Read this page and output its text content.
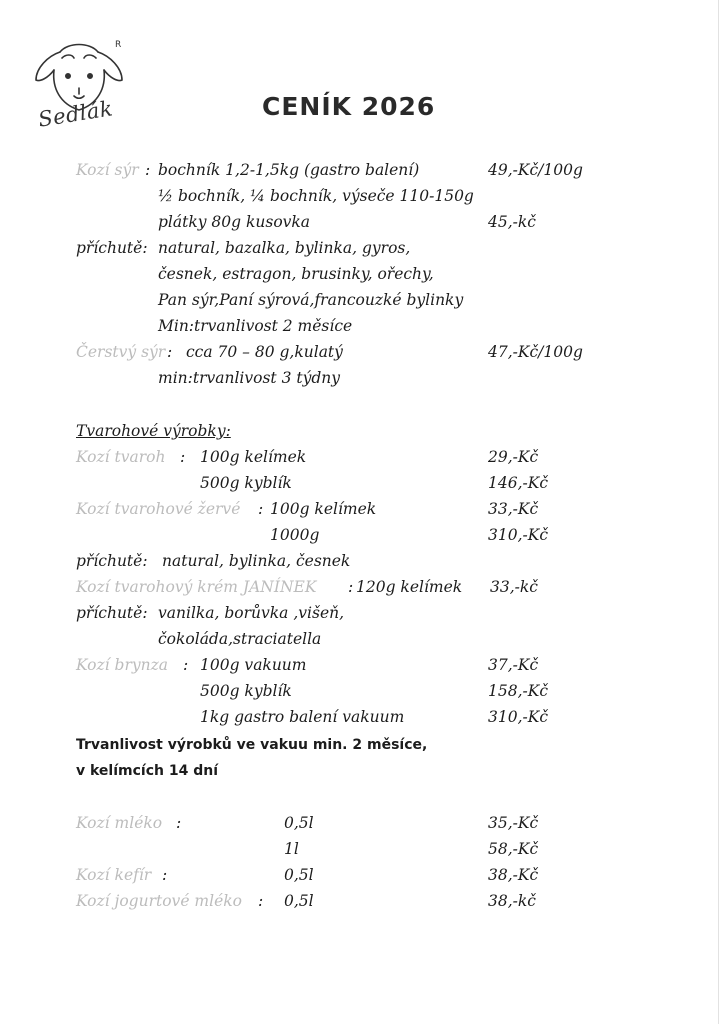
Sedlák
R
CENÍK 2026
Kozí sýr : bochník 1,2-1,5kg (gastro balení)	49,-Kč/100g
½ bochník, ¼ bochník, výseče 110-150g
plátky 80g kusovka	45,-kč
příchutě: natural, bazalka, bylinka, gyros,
česnek, estragon, brusinky, ořechy,
Pan sýr,Paní sýrová,francouzké bylinky
Min:trvanlivost 2 měsíce
Čerstvý sýr : cca 70 – 80 g,kulatý	47,-Kč/100g
min:trvanlivost 3 týdny
Tvarohové výrobky:
Kozí tvaroh : 100g kelímek	29,-Kč
500g kyblík	146,-Kč
Kozí tvarohové žervé : 100g kelímek	33,-Kč
1000g	310,-Kč
příchutě: natural, bylinka, česnek
Kozí tvarohový krém JANÍNEK : 120g kelímek 33,-kč
příchutě: vanilka, borůvka ,višeň,
čokoláda,straciatella
Kozí brynza : 100g vakuum	37,-Kč
500g kyblík	158,-Kč
1kg gastro balení vakuum	310,-Kč
Trvanlivost výrobků ve vakuu min. 2 měsíce,
v kelímcích 14 dní
Kozí mléko :	0,5l	35,-Kč
1l	58,-Kč
Kozí kefír :	0,5l	38,-Kč
Kozí jogurtové mléko : 0,5l	38,-kč
